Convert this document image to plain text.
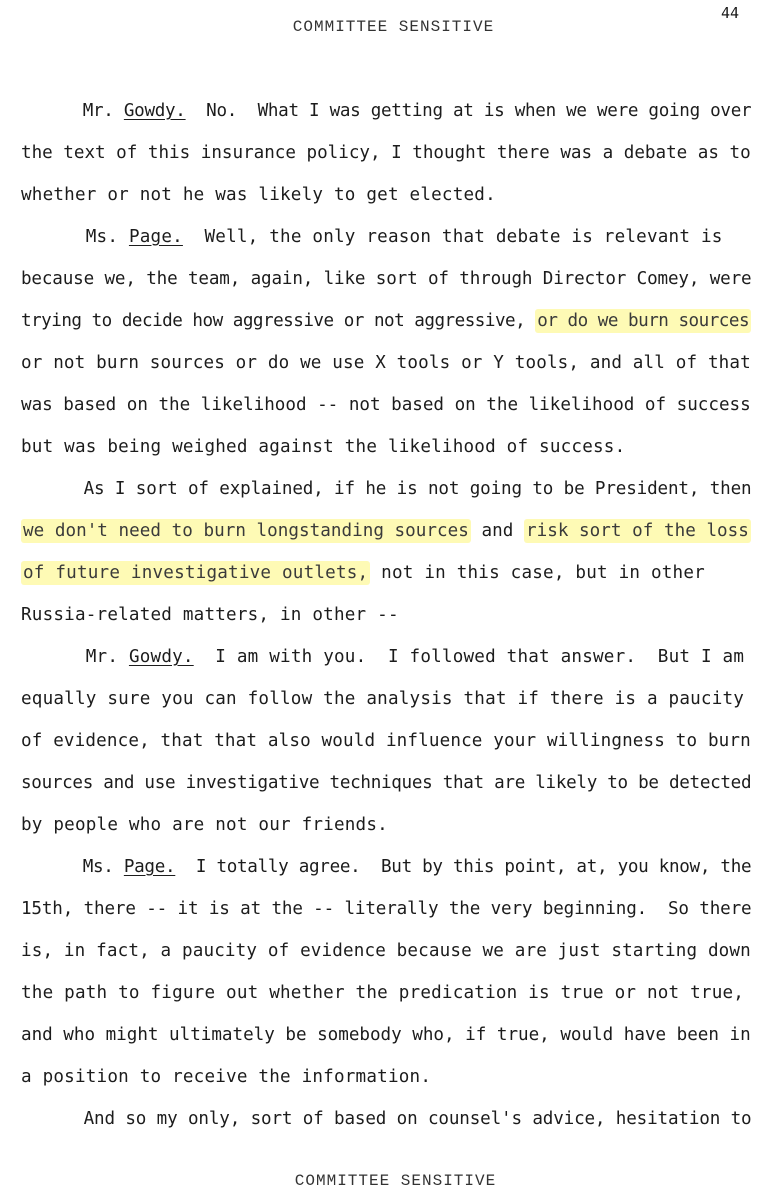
44
COMMITTEE SENSITIVE
Mr. Gowdy.  No.  What I was getting at is when we were going over
the text of this insurance policy, I thought there was a debate as to
whether or not he was likely to get elected.
Ms. Page.  Well, the only reason that debate is relevant is
because we, the team, again, like sort of through Director Comey, were
trying to decide how aggressive or not aggressive, or do we burn sources
or not burn sources or do we use X tools or Y tools, and all of that
was based on the likelihood -- not based on the likelihood of success
but was being weighed against the likelihood of success.
As I sort of explained, if he is not going to be President, then
we don't need to burn longstanding sources and risk sort of the loss
of future investigative outlets, not in this case, but in other
Russia-related matters, in other --
Mr. Gowdy.  I am with you.  I followed that answer.  But I am
equally sure you can follow the analysis that if there is a paucity
of evidence, that that also would influence your willingness to burn
sources and use investigative techniques that are likely to be detected
by people who are not our friends.
Ms. Page.  I totally agree.  But by this point, at, you know, the
15th, there -- it is at the -- literally the very beginning.  So there
is, in fact, a paucity of evidence because we are just starting down
the path to figure out whether the predication is true or not true,
and who might ultimately be somebody who, if true, would have been in
a position to receive the information.
And so my only, sort of based on counsel's advice, hesitation to
COMMITTEE SENSITIVE
